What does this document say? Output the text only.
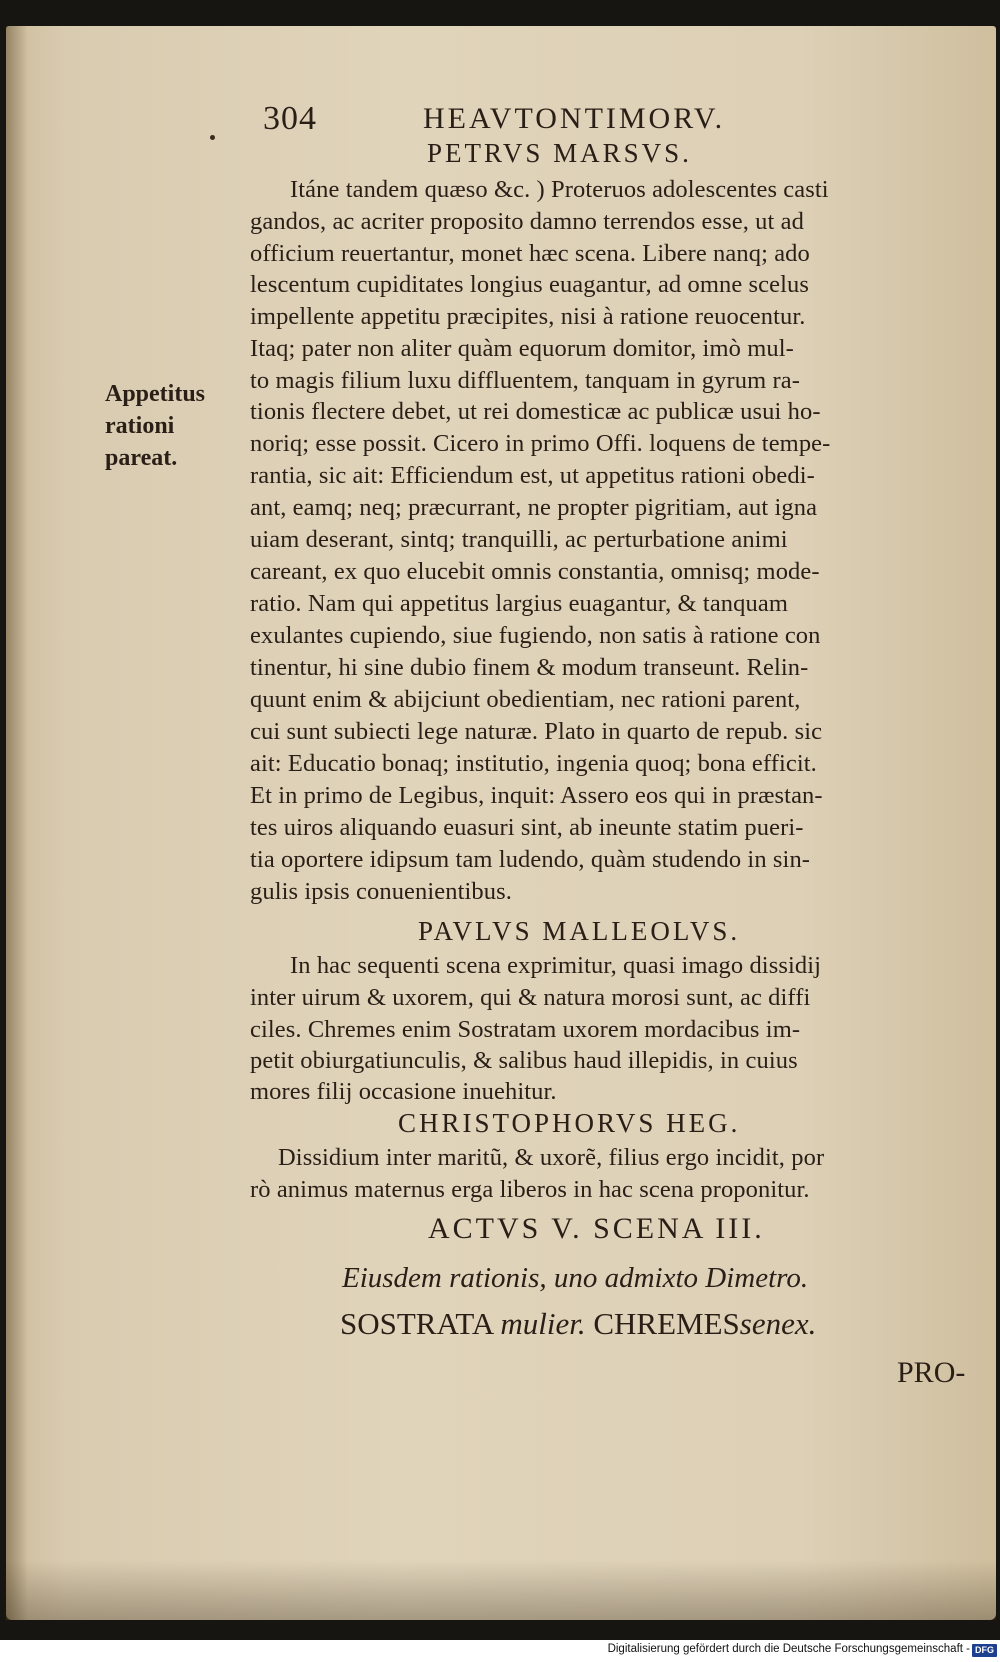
304	HEAVTONTIMORV.
PETRVS MARSVS.
Itáne tandem quæso &c. ) Proteruos adolescentes casti
gandos, ac acriter proposito damno terrendos esse, ut ad
officium reuertantur, monet hæc scena. Libere nanq; ado
lescentum cupiditates longius euagantur, ad omne scelus
impellente appetitu præcipites, nisi à ratione reuocentur.
Itaq; pater non aliter quàm equorum domitor, imò mul-
to magis filium luxu diffluentem, tanquam in gyrum ra-
tionis flectere debet, ut rei domesticæ ac publicæ usui ho-
noriq; esse possit. Cicero in primo Offi. loquens de tempe-
rantia, sic ait: Efficiendum est, ut appetitus rationi obedi-
ant, eamq; neq; præcurrant, ne propter pigritiam, aut igna
uiam deserant, sintq; tranquilli, ac perturbatione animi
careant, ex quo elucebit omnis constantia, omnisq; mode-
ratio. Nam qui appetitus largius euagantur, & tanquam
exulantes cupiendo, siue fugiendo, non satis à ratione con
tinentur, hi sine dubio finem & modum transeunt. Relin-
quunt enim & abijciunt obedientiam, nec rationi parent,
cui sunt subiecti lege naturæ. Plato in quarto de repub. sic
ait: Educatio bonaq; institutio, ingenia quoq; bona efficit.
Et in primo de Legibus, inquit: Assero eos qui in præstan-
tes uiros aliquando euasuri sint, ab ineunte statim pueri-
tia oportere idipsum tam ludendo, quàm studendo in sin-
gulis ipsis conuenientibus.
Appetitus
rationi
pareat.
PAVLVS MALLEOLVS.
In hac sequenti scena exprimitur, quasi imago dissidij
inter uirum & uxorem, qui & natura morosi sunt, ac diffi
ciles. Chremes enim Sostratam uxorem mordacibus im-
petit obiurgatiunculis, & salibus haud illepidis, in cuius
mores filij occasione inuehitur.
CHRISTOPHORVS HEG.
Dissidium inter maritũ, & uxorẽ, filius ergo incidit, por
rò animus maternus erga liberos in hac scena proponitur.
ACTVS V. SCENA III.
Eiusdem rationis, uno admixto Dimetro.
SOSTRATA mulier. CHREMESsenex.
PRO-
Digitalisierung gefördert durch die Deutsche Forschungsgemeinschaft - DFG
